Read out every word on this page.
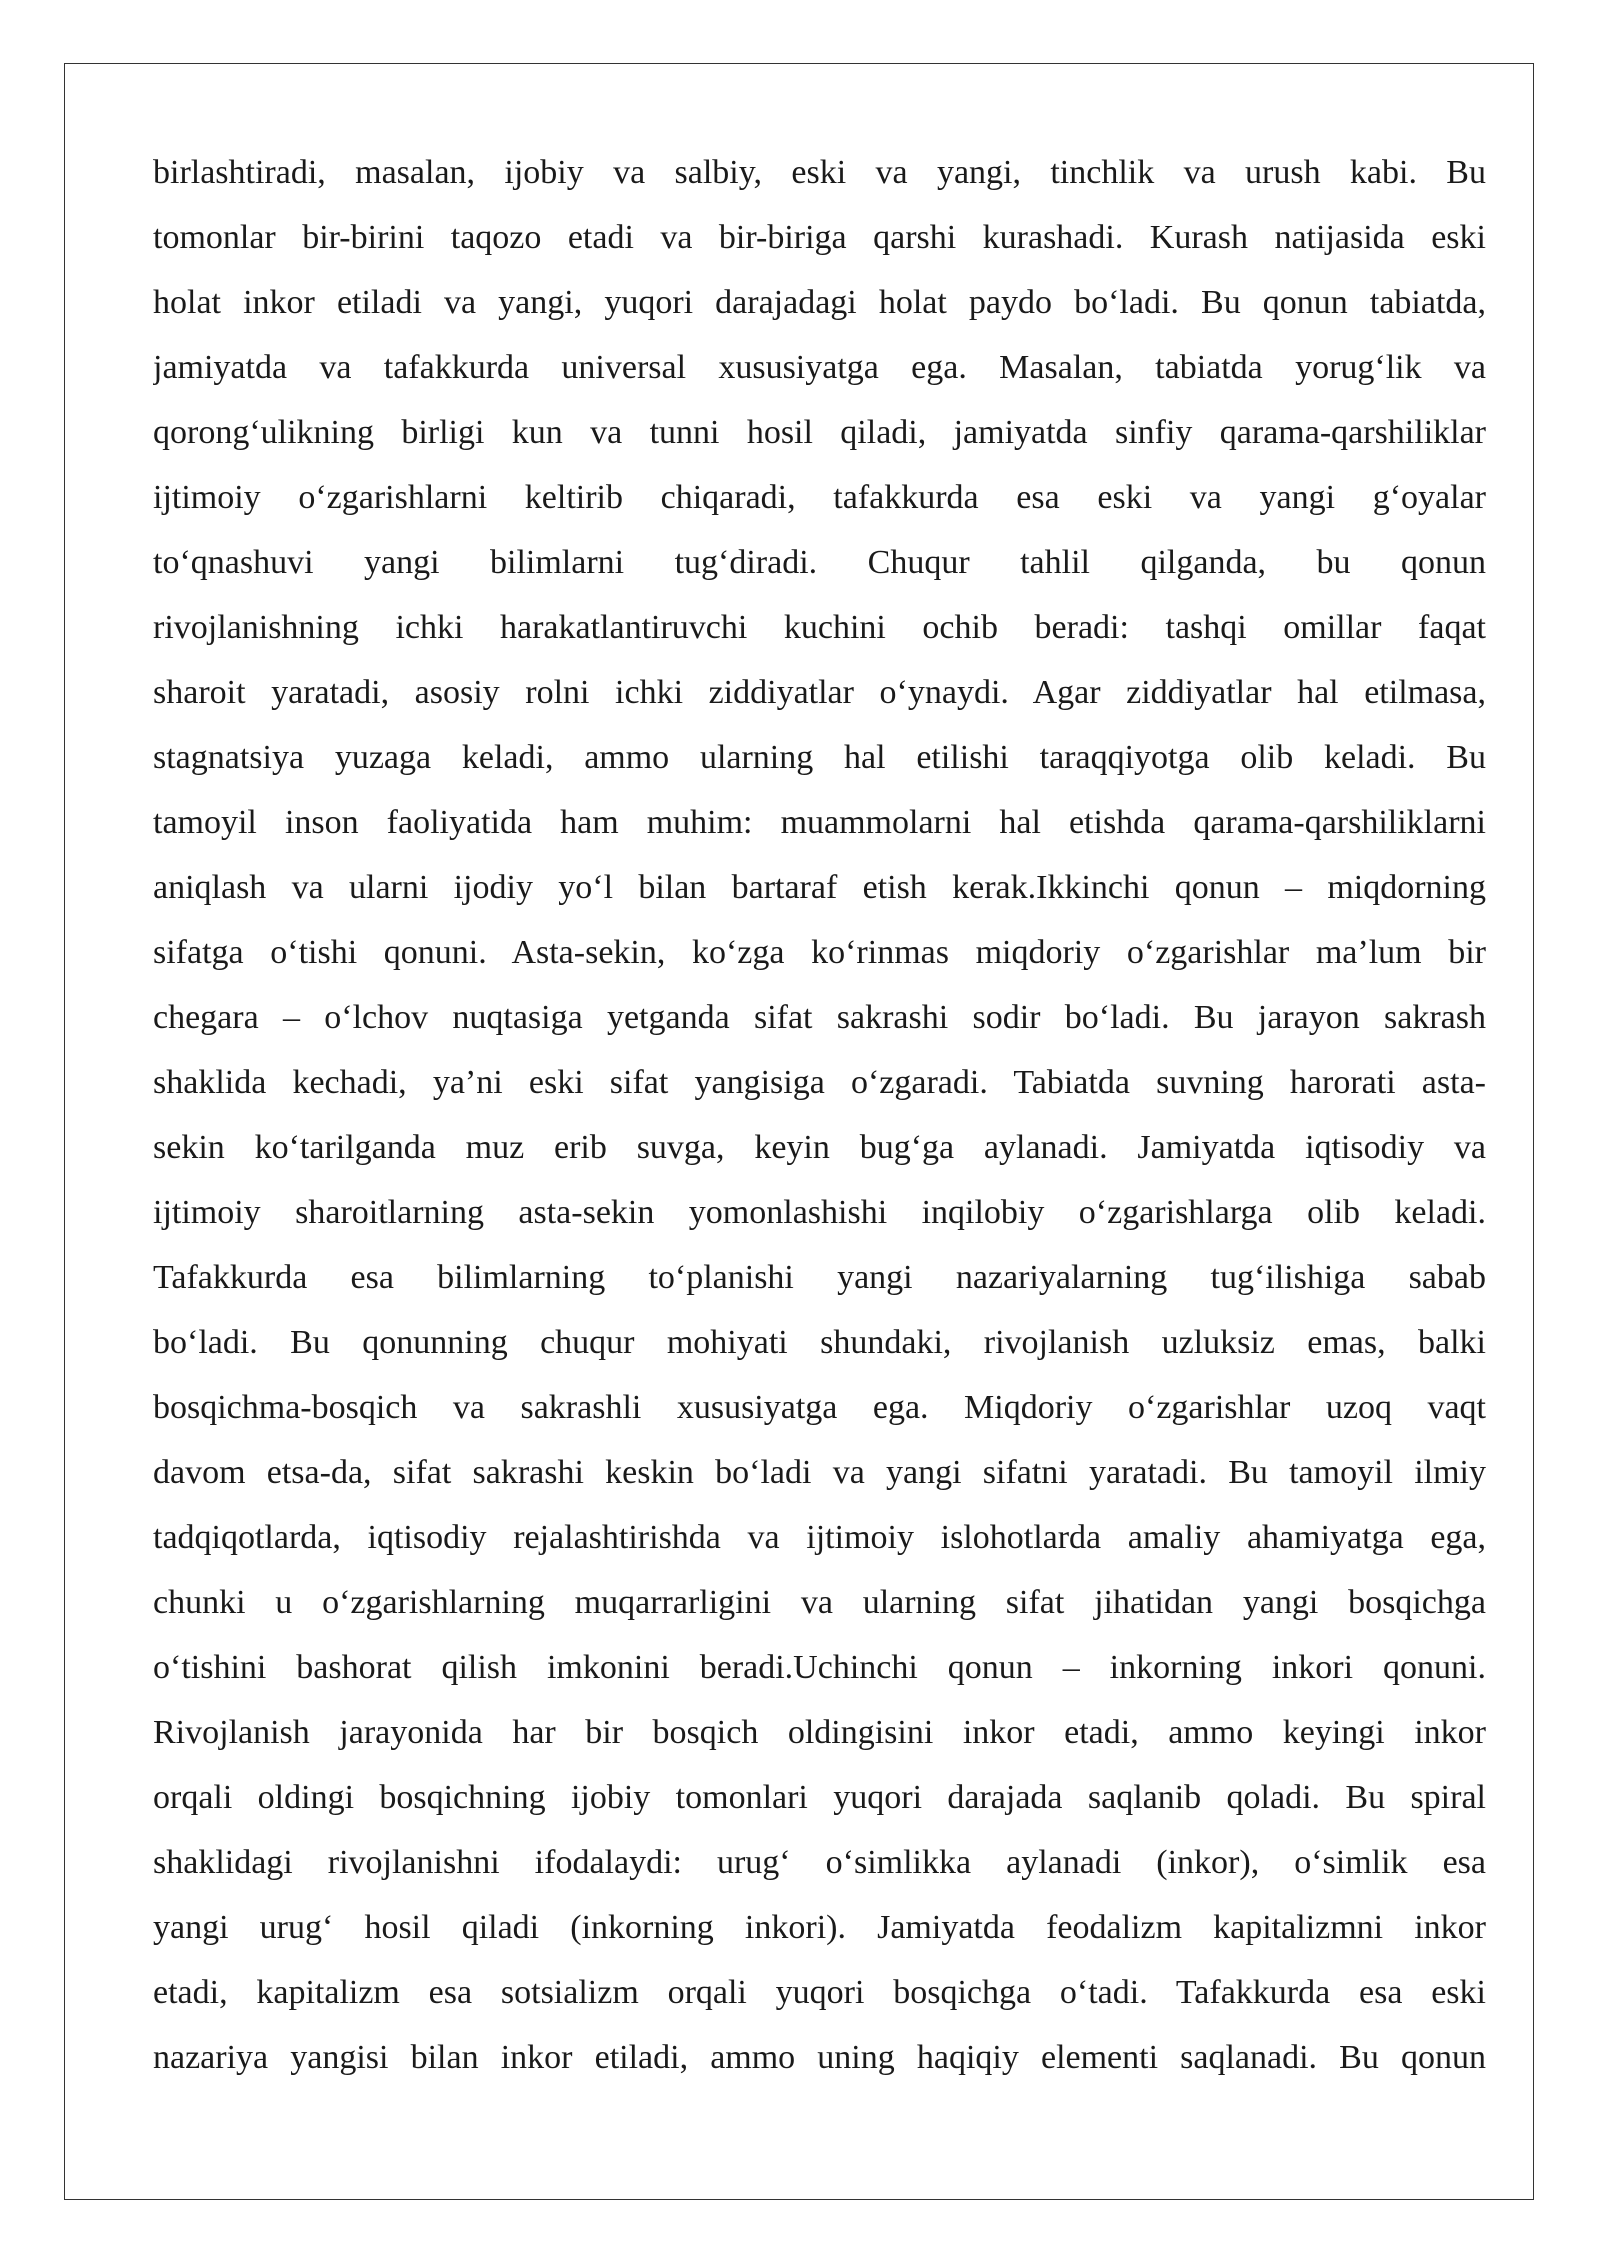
birlashtiradi, masalan, ijobiy va salbiy, eski va yangi, tinchlik va urush kabi. Bu
tomonlar bir-birini taqozo etadi va bir-biriga qarshi kurashadi. Kurash natijasida eski
holat inkor etiladi va yangi, yuqori darajadagi holat paydo bo‘ladi. Bu qonun tabiatda,
jamiyatda va tafakkurda universal xususiyatga ega. Masalan, tabiatda yorug‘lik va
qorong‘ulikning birligi kun va tunni hosil qiladi, jamiyatda sinfiy qarama-qarshiliklar
ijtimoiy o‘zgarishlarni keltirib chiqaradi, tafakkurda esa eski va yangi g‘oyalar
to‘qnashuvi yangi bilimlarni tug‘diradi. Chuqur tahlil qilganda, bu qonun
rivojlanishning ichki harakatlantiruvchi kuchini ochib beradi: tashqi omillar faqat
sharoit yaratadi, asosiy rolni ichki ziddiyatlar o‘ynaydi. Agar ziddiyatlar hal etilmasa,
stagnatsiya yuzaga keladi, ammo ularning hal etilishi taraqqiyotga olib keladi. Bu
tamoyil inson faoliyatida ham muhim: muammolarni hal etishda qarama-qarshiliklarni
aniqlash va ularni ijodiy yo‘l bilan bartaraf etish kerak.Ikkinchi qonun – miqdorning
sifatga o‘tishi qonuni. Asta-sekin, ko‘zga ko‘rinmas miqdoriy o‘zgarishlar ma’lum bir
chegara – o‘lchov nuqtasiga yetganda sifat sakrashi sodir bo‘ladi. Bu jarayon sakrash
shaklida kechadi, ya’ni eski sifat yangisiga o‘zgaradi. Tabiatda suvning harorati asta-
sekin ko‘tarilganda muz erib suvga, keyin bug‘ga aylanadi. Jamiyatda iqtisodiy va
ijtimoiy sharoitlarning asta-sekin yomonlashishi inqilobiy o‘zgarishlarga olib keladi.
Tafakkurda esa bilimlarning to‘planishi yangi nazariyalarning tug‘ilishiga sabab
bo‘ladi. Bu qonunning chuqur mohiyati shundaki, rivojlanish uzluksiz emas, balki
bosqichma-bosqich va sakrashli xususiyatga ega. Miqdoriy o‘zgarishlar uzoq vaqt
davom etsa-da, sifat sakrashi keskin bo‘ladi va yangi sifatni yaratadi. Bu tamoyil ilmiy
tadqiqotlarda, iqtisodiy rejalashtirishda va ijtimoiy islohotlarda amaliy ahamiyatga ega,
chunki u o‘zgarishlarning muqarrarligini va ularning sifat jihatidan yangi bosqichga
o‘tishini bashorat qilish imkonini beradi.Uchinchi qonun – inkorning inkori qonuni.
Rivojlanish jarayonida har bir bosqich oldingisini inkor etadi, ammo keyingi inkor
orqali oldingi bosqichning ijobiy tomonlari yuqori darajada saqlanib qoladi. Bu spiral
shaklidagi rivojlanishni ifodalaydi: urug‘ o‘simlikka aylanadi (inkor), o‘simlik esa
yangi urug‘ hosil qiladi (inkorning inkori). Jamiyatda feodalizm kapitalizmni inkor
etadi, kapitalizm esa sotsializm orqali yuqori bosqichga o‘tadi. Tafakkurda esa eski
nazariya yangisi bilan inkor etiladi, ammo uning haqiqiy elementi saqlanadi. Bu qonun
